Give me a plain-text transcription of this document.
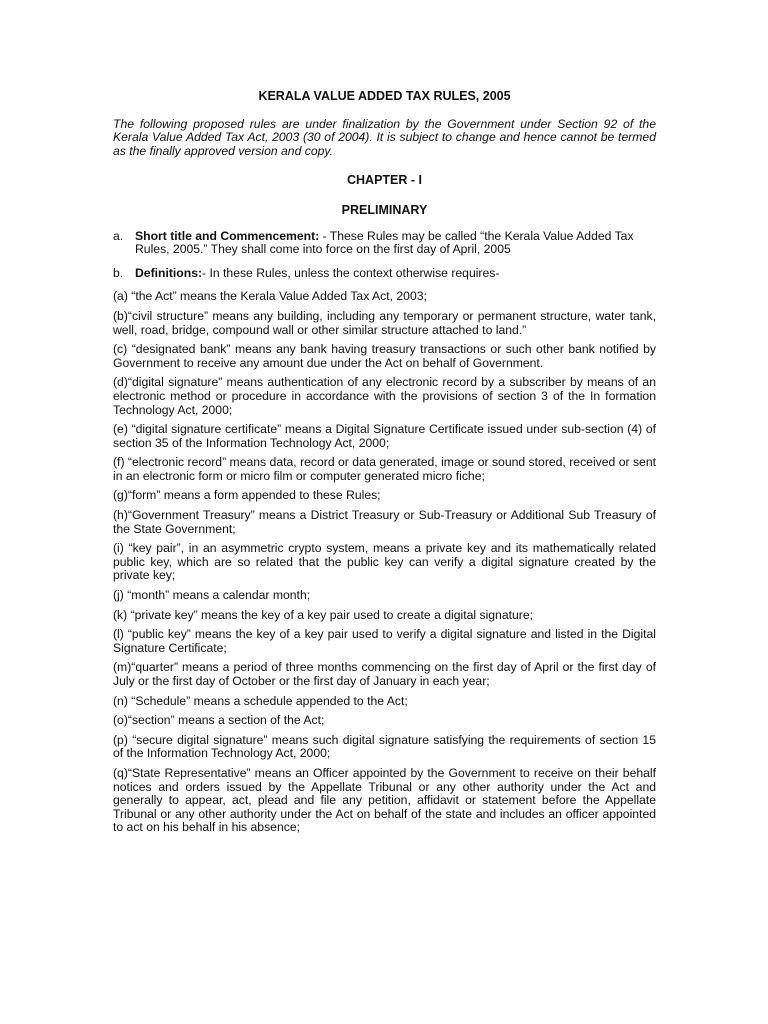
KERALA VALUE ADDED TAX RULES, 2005
The following proposed rules are under finalization by the Government under Section 92 of the Kerala Value Added Tax Act, 2003 (30 of 2004). It is subject to change and hence cannot be termed as the finally approved version and copy.
CHAPTER - I
PRELIMINARY
a. Short title and Commencement: - These Rules may be called “the Kerala Value Added Tax Rules, 2005.” They shall come into force on the first day of April, 2005
b. Definitions:- In these Rules, unless the context otherwise requires-

(a) “the Act” means the Kerala Value Added Tax Act, 2003;

(b)“civil structure” means any building, including any temporary or permanent structure, water tank, well, road, bridge, compound wall or other similar structure attached to land.”

(c) “designated bank” means any bank having treasury transactions or such other bank notified by Government to receive any amount due under the Act on behalf of Government.

(d)“digital signature” means authentication of any electronic record by a subscriber by means of an electronic method or procedure in accordance with the provisions of section 3 of the In formation Technology Act, 2000;

(e) “digital signature certificate” means a Digital Signature Certificate issued under sub-section (4) of section 35 of the Information Technology Act, 2000;

(f) “electronic record” means data, record or data generated, image or sound stored, received or sent in an electronic form or micro film or computer generated micro fiche;

(g)“form” means a form appended to these Rules;

(h)“Government Treasury” means a District Treasury or Sub-Treasury or Additional Sub Treasury of the State Government;

(i) “key pair”, in an asymmetric crypto system, means a private key and its mathematically related public key, which are so related that the public key can verify a digital signature created by the private key;

(j) “month” means a calendar month;

(k) “private key” means the key of a key pair used to create a digital signature;

(l) “public key” means the key of a key pair used to verify a digital signature and listed in the Digital Signature Certificate;

(m)“quarter” means a period of three months commencing on the first day of April or the first day of July or the first day of October or the first day of January in each year;

(n) “Schedule” means a schedule appended to the Act;

(o)“section” means a section of the Act;

(p) “secure digital signature” means such digital signature satisfying the requirements of section 15 of the Information Technology Act, 2000;

(q)“State Representative” means an Officer appointed by the Government to receive on their behalf notices and orders issued by the Appellate Tribunal or any other authority under the Act and generally to appear, act, plead and file any petition, affidavit or statement before the Appellate Tribunal or any other authority under the Act on behalf of the state and includes an officer appointed to act on his behalf in his absence;
